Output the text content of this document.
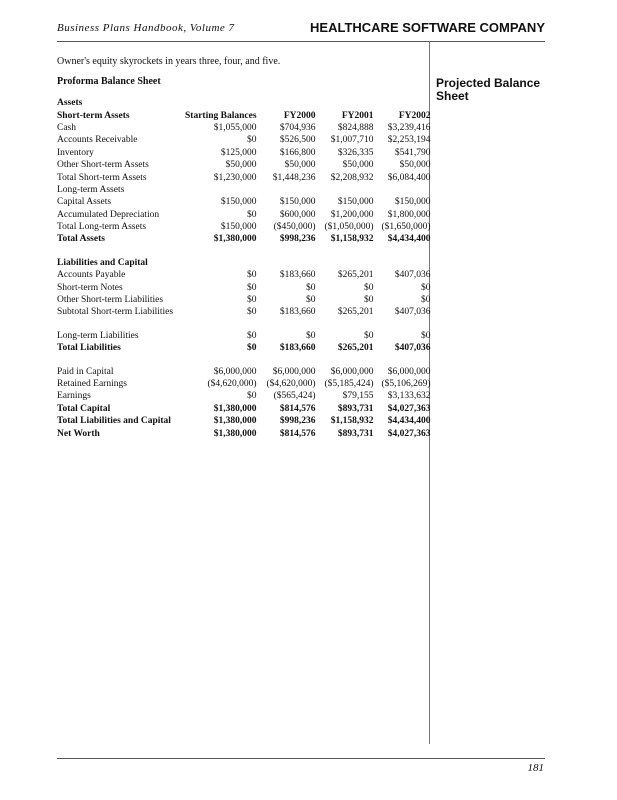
Business Plans Handbook, Volume 7	HEALTHCARE SOFTWARE COMPANY
Owner's equity skyrockets in years three, four, and five.
Proforma Balance Sheet	Projected Balance Sheet
Assets				
Short-term Assets	Starting Balances	FY2000	FY2001	FY2002
Cash	$1,055,000	$704,936	$824,888	$3,239,416
Accounts Receivable	$0	$526,500	$1,007,710	$2,253,194
Inventory	$125,000	$166,800	$326,335	$541,790
Other Short-term Assets	$50,000	$50,000	$50,000	$50,000
Total Short-term Assets	$1,230,000	$1,448,236	$2,208,932	$6,084,400
Long-term Assets				
Capital Assets	$150,000	$150,000	$150,000	$150,000
Accumulated Depreciation	$0	$600,000	$1,200,000	$1,800,000
Total Long-term Assets	$150,000	($450,000)	($1,050,000)	($1,650,000)
Total Assets	$1,380,000	$998,236	$1,158,932	$4,434,400

Liabilities and Capital				
Accounts Payable	$0	$183,660	$265,201	$407,036
Short-term Notes	$0	$0	$0	$0
Other Short-term Liabilities	$0	$0	$0	$0
Subtotal Short-term Liabilities	$0	$183,660	$265,201	$407,036

Long-term Liabilities	$0	$0	$0	$0
Total Liabilities	$0	$183,660	$265,201	$407,036

Paid in Capital	$6,000,000	$6,000,000	$6,000,000	$6,000,000
Retained Earnings	($4,620,000)	($4,620,000)	($5,185,424)	($5,106,269)
Earnings	$0	($565,424)	$79,155	$3,133,632
Total Capital	$1,380,000	$814,576	$893,731	$4,027,363
Total Liabilities and Capital	$1,380,000	$998,236	$1,158,932	$4,434,400
Net Worth	$1,380,000	$814,576	$893,731	$4,027,363
181
